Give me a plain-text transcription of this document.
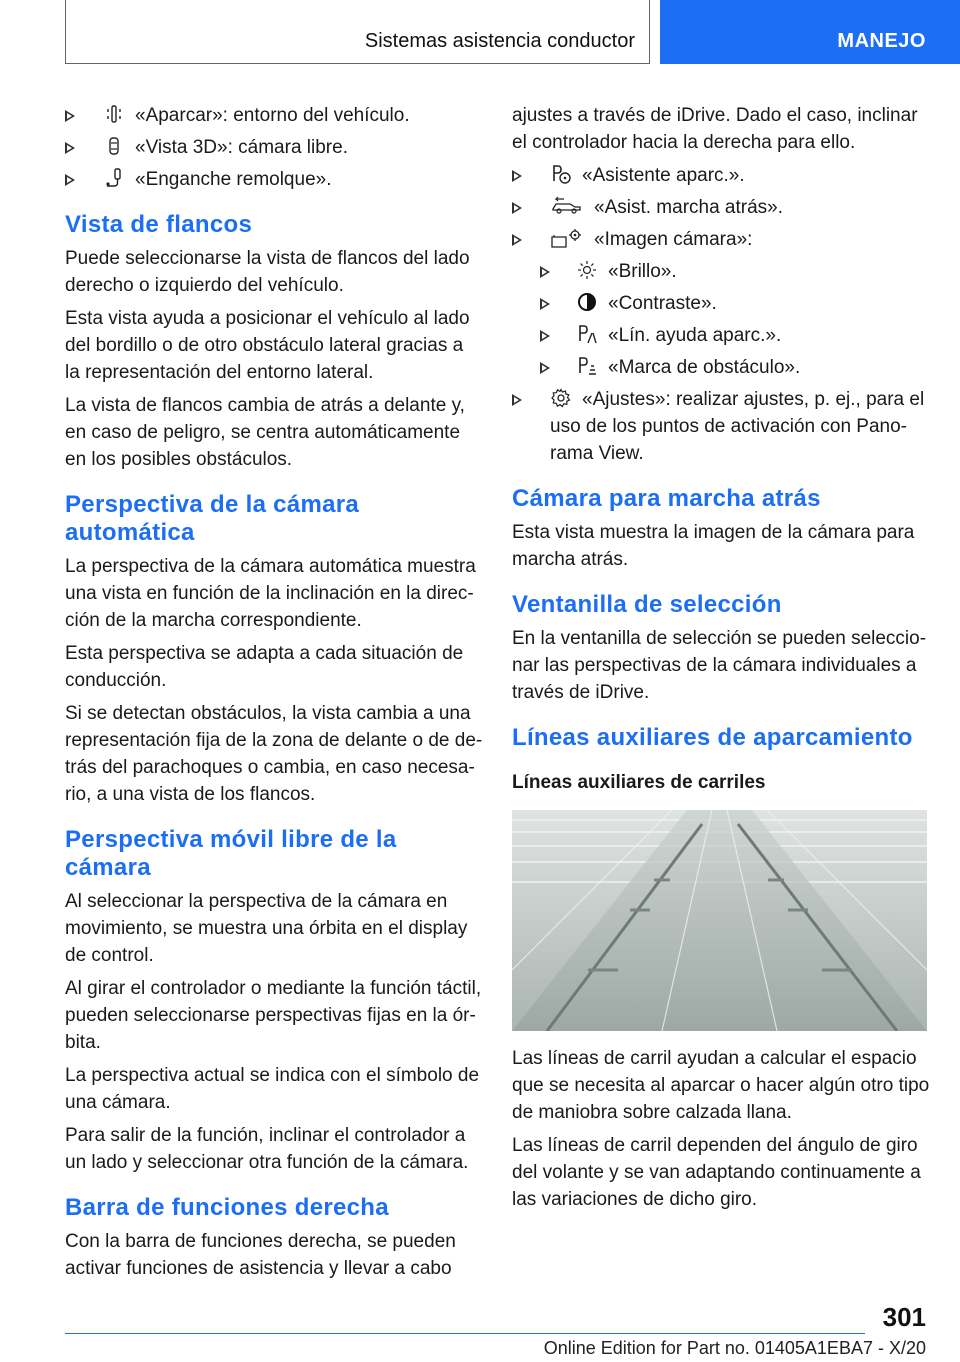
Sistemas asistencia conductor	MANEJO
«Aparcar»: entorno del vehículo.
«Vista 3D»: cámara libre.
«Enganche remolque».
Vista de flancos

Puede seleccionarse la vista de flancos del lado derecho o izquierdo del vehículo.

Esta vista ayuda a posicionar el vehículo al lado del bordillo o de otro obstáculo lateral gracias a la representación del entorno lateral.

La vista de flancos cambia de atrás a delante y, en caso de peligro, se centra automáticamente en los posibles obstáculos.

Perspectiva de la cámara automática

La perspectiva de la cámara automática muestra una vista en función de la inclinación en la direc-ción de la marcha correspondiente.

Esta perspectiva se adapta a cada situación de conducción.

Si se detectan obstáculos, la vista cambia a una representación fija de la zona de delante o de de-trás del parachoques o cambia, en caso necesa-rio, a una vista de los flancos.

Perspectiva móvil libre de la cámara

Al seleccionar la perspectiva de la cámara en movimiento, se muestra una órbita en el display de control.

Al girar el controlador o mediante la función táctil, pueden seleccionarse perspectivas fijas en la ór-bita.

La perspectiva actual se indica con el símbolo de una cámara.

Para salir de la función, inclinar el controlador a un lado y seleccionar otra función de la cámara.

Barra de funciones derecha

Con la barra de funciones derecha, se pueden activar funciones de asistencia y llevar a cabo

ajustes a través de iDrive. Dado el caso, inclinar el controlador hacia la derecha para ello.

«Asistente aparc.».
«Asist. marcha atrás».
«Imagen cámara»:
«Brillo».
«Contraste».
«Lín. ayuda aparc.».
«Marca de obstáculo».
«Ajustes»: realizar ajustes, p. ej., para el uso de los puntos de activación con Pano-rama View.
Cámara para marcha atrás

Esta vista muestra la imagen de la cámara para marcha atrás.

Ventanilla de selección

En la ventanilla de selección se pueden seleccio-nar las perspectivas de la cámara individuales a través de iDrive.

Líneas auxiliares de aparcamiento
Líneas auxiliares de carriles

Las líneas de carril ayudan a calcular el espacio que se necesita al aparcar o hacer algún otro tipo de maniobra sobre calzada llana.

Las líneas de carril dependen del ángulo de giro del volante y se van adaptando continuamente a las variaciones de dicho giro.

301
Online Edition for Part no. 01405A1EBA7 - X/20
